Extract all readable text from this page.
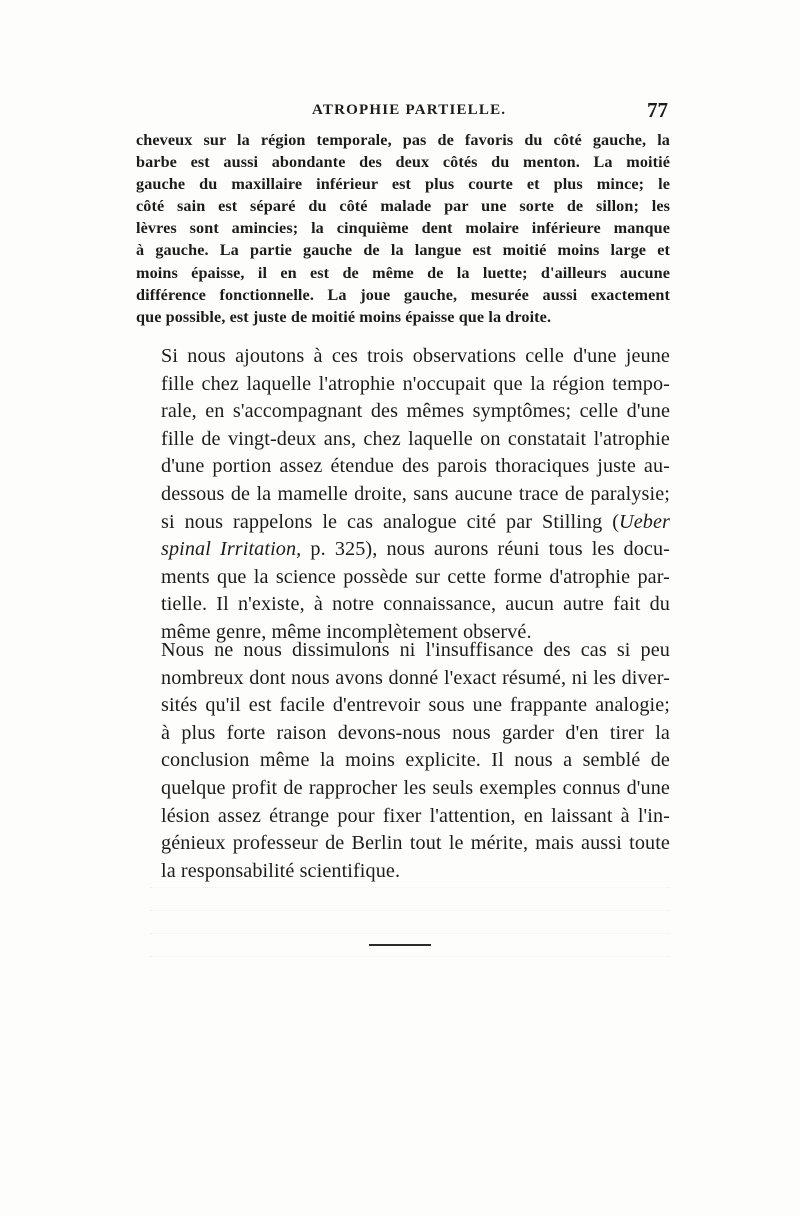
ATROPHIE PARTIELLE.	77

cheveux sur la région temporale, pas de favoris du côté gauche, la
barbe est aussi abondante des deux côtés du menton. La moitié
gauche du maxillaire inférieur est plus courte et plus mince; le
côté sain est séparé du côté malade par une sorte de sillon; les
lèvres sont amincies; la cinquième dent molaire inférieure manque
à gauche. La partie gauche de la langue est moitié moins large et
moins épaisse, il en est de même de la luette; d'ailleurs aucune
différence fonctionnelle. La joue gauche, mesurée aussi exactement
que possible, est juste de moitié moins épaisse que la droite.

Si nous ajoutons à ces trois observations celle d'une jeune
fille chez laquelle l'atrophie n'occupait que la région tempo-
rale, en s'accompagnant des mêmes symptômes; celle d'une
fille de vingt-deux ans, chez laquelle on constatait l'atrophie
d'une portion assez étendue des parois thoraciques juste au-
dessous de la mamelle droite, sans aucune trace de paralysie;
si nous rappelons le cas analogue cité par Stilling (Ueber
spinal Irritation, p. 325), nous aurons réuni tous les docu-
ments que la science possède sur cette forme d'atrophie par-
tielle. Il n'existe, à notre connaissance, aucun autre fait du
même genre, même incomplètement observé.
Nous ne nous dissimulons ni l'insuffisance des cas si peu
nombreux dont nous avons donné l'exact résumé, ni les diver-
sités qu'il est facile d'entrevoir sous une frappante analogie;
à plus forte raison devons-nous nous garder d'en tirer la
conclusion même la moins explicite. Il nous a semblé de
quelque profit de rapprocher les seuls exemples connus d'une
lésion assez étrange pour fixer l'attention, en laissant à l'in-
génieux professeur de Berlin tout le mérite, mais aussi toute
la responsabilité scientifique.
